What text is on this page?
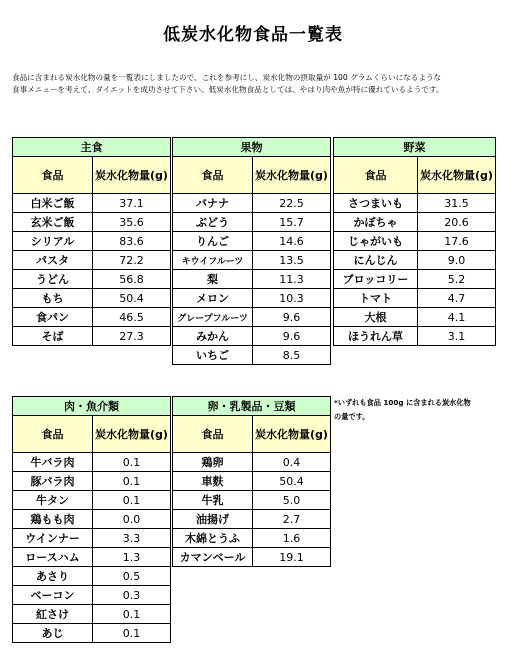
低炭水化物食品一覧表
食品に含まれる炭水化物の量を一覧表にしましたので、これを参考にし、炭水化物の摂取量が 100 グラムくらいになるような
食事メニューを考えて、ダイエットを成功させて下さい。低炭水化物食品としては、やはり肉や魚が特に優れているようです。
*いずれも食品 100g に含まれる炭水化物
の量です。
主食	
食品	炭水化物量(g)
白米ご飯	37.1
玄米ご飯	35.6
シリアル	83.6
パスタ	72.2
うどん	56.8
もち	50.4
食パン	46.5
そば	27.3
果物	
食品	炭水化物量(g)
バナナ	22.5
ぶどう	15.7
りんご	14.6
キウイフルーツ	13.5
梨	11.3
メロン	10.3
グレープフルーツ	9.6
みかん	9.6
いちご	8.5
野菜	
食品	炭水化物量(g)
さつまいも	31.5
かぼちゃ	20.6
じゃがいも	17.6
にんじん	9.0
ブロッコリー	5.2
トマト	4.7
大根	4.1
ほうれん草	3.1
肉・魚介類	
食品	炭水化物量(g)
牛バラ肉	0.1
豚バラ肉	0.1
牛タン	0.1
鶏もも肉	0.0
ウインナー	3.3
ロースハム	1.3
あさり	0.5
ベーコン	0.3
紅さけ	0.1
あじ	0.1
卵・乳製品・豆類	
食品	炭水化物量(g)
鶏卵	0.4
車麩	50.4
牛乳	5.0
油揚げ	2.7
木綿とうふ	1.6
カマンベール	19.1
